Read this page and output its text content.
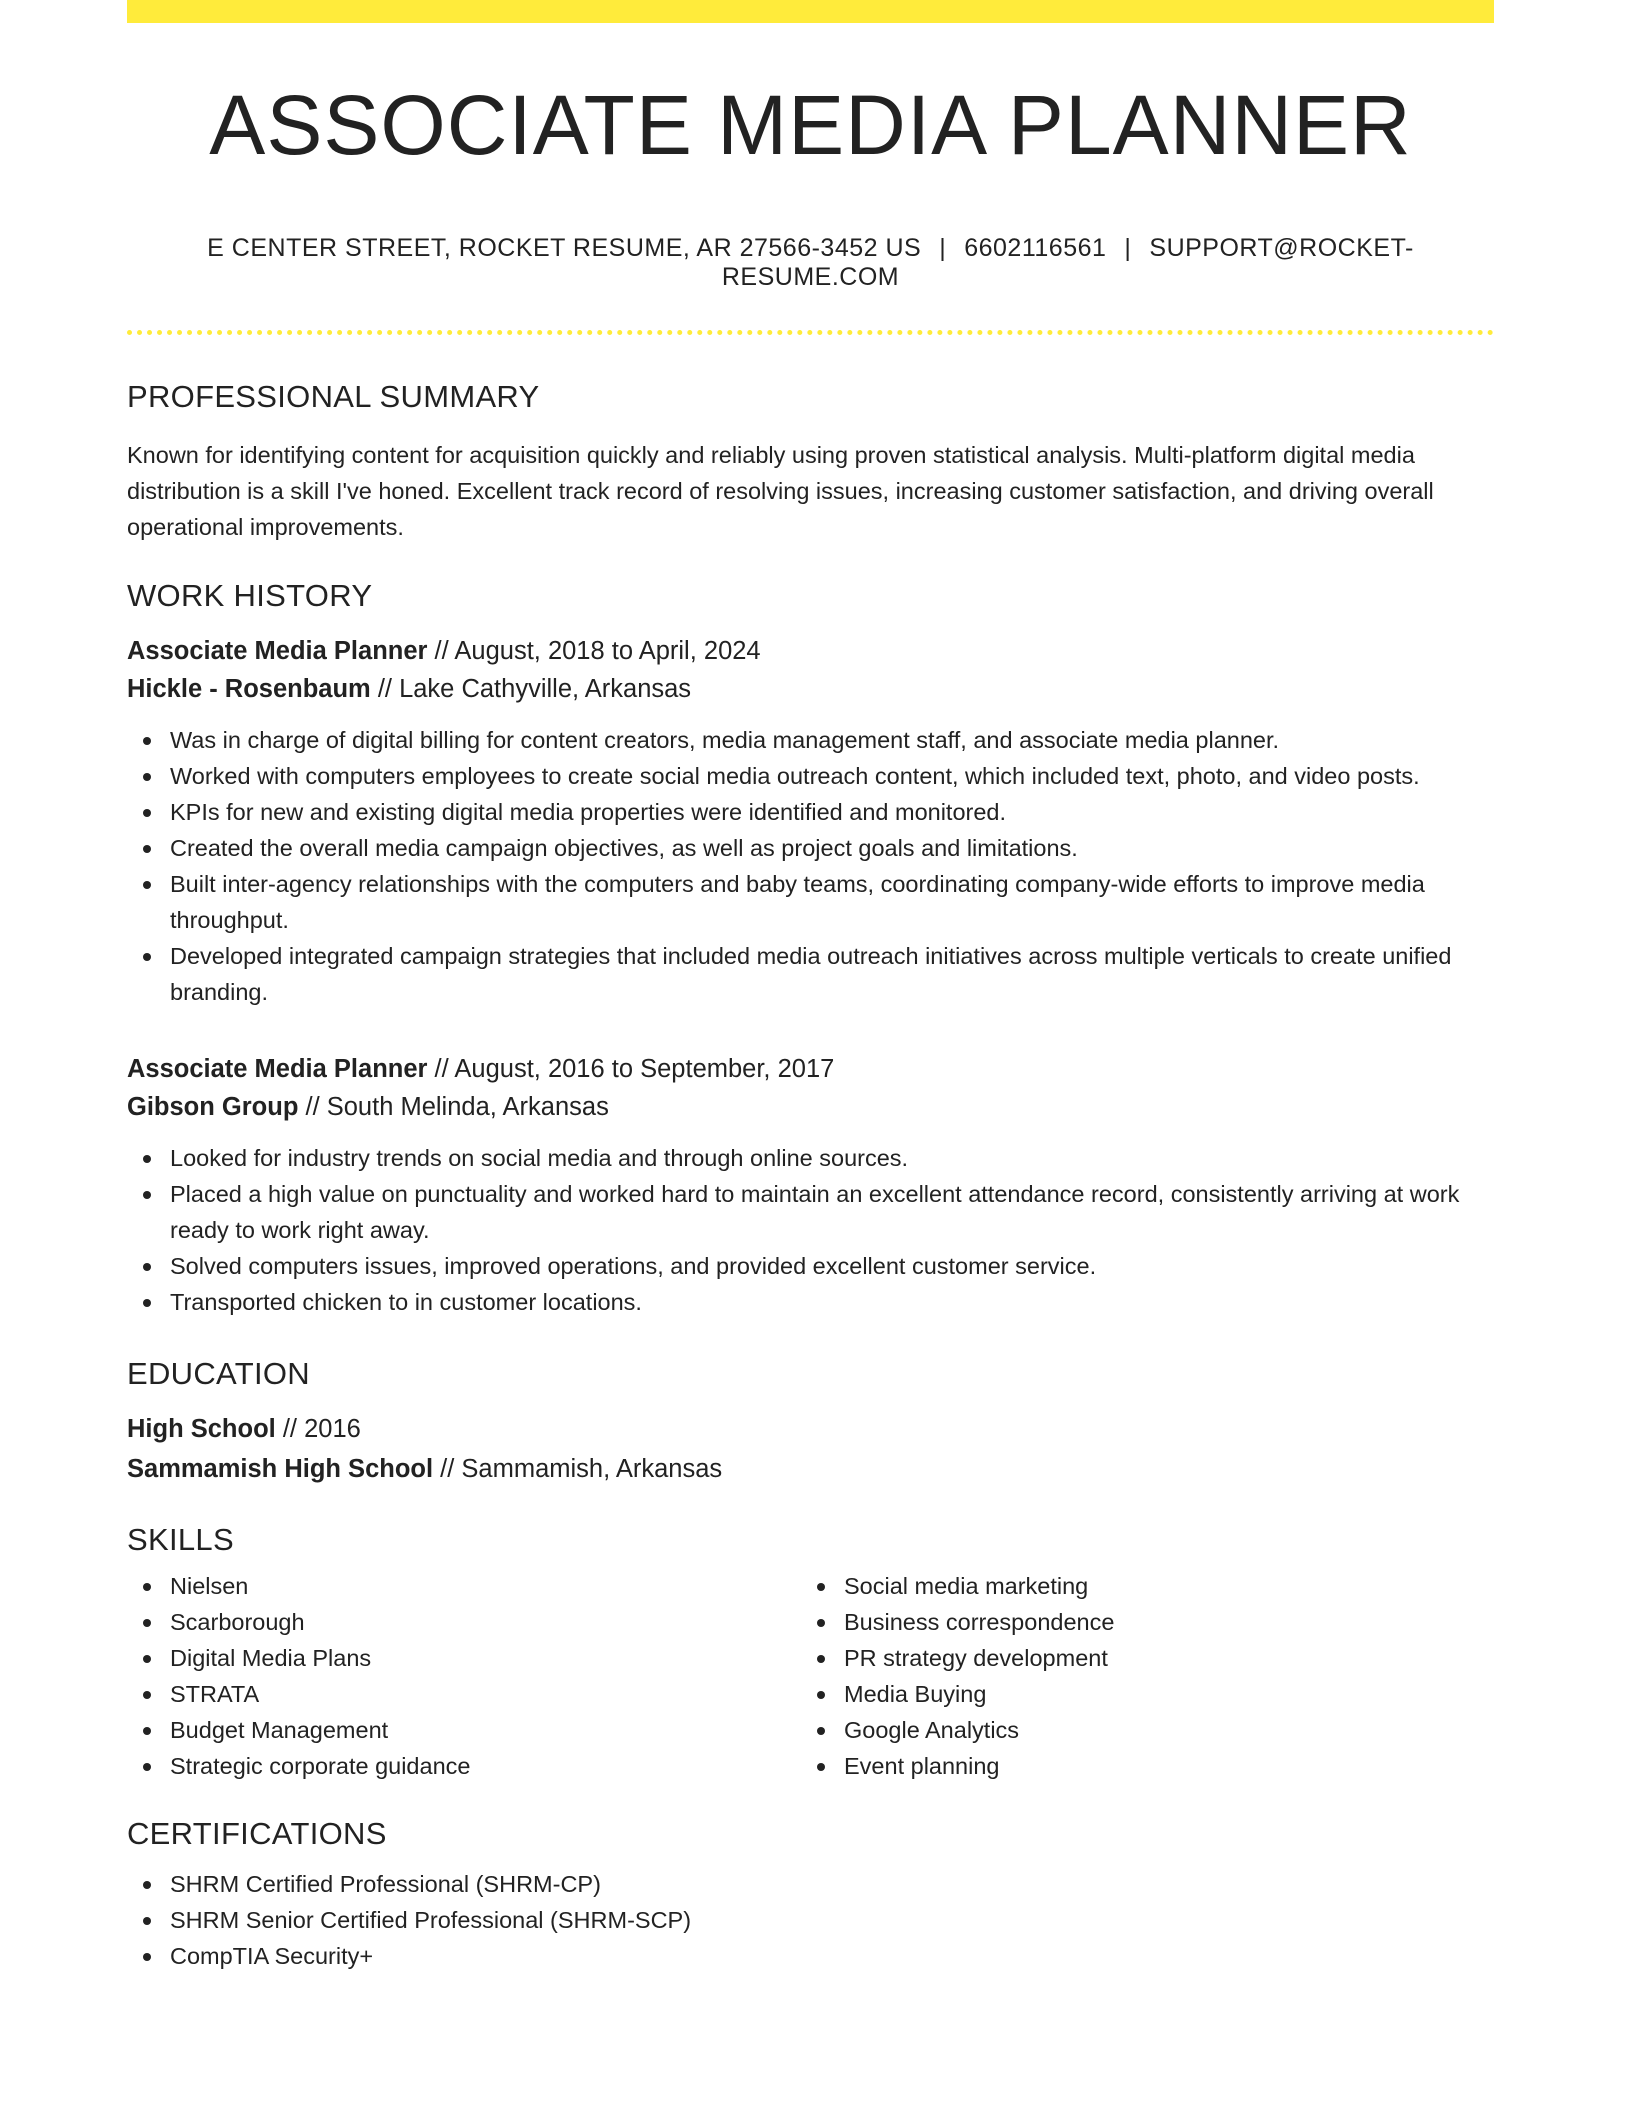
ASSOCIATE MEDIA PLANNER
E CENTER STREET, ROCKET RESUME, AR 27566-3452 US | 6602116561 | SUPPORT@ROCKET-RESUME.COM
PROFESSIONAL SUMMARY
Known for identifying content for acquisition quickly and reliably using proven statistical analysis. Multi-platform digital media distribution is a skill I've honed. Excellent track record of resolving issues, increasing customer satisfaction, and driving overall operational improvements.
WORK HISTORY
Associate Media Planner // August, 2018 to April, 2024
Hickle - Rosenbaum // Lake Cathyville, Arkansas
Was in charge of digital billing for content creators, media management staff, and associate media planner.
Worked with computers employees to create social media outreach content, which included text, photo, and video posts.
KPIs for new and existing digital media properties were identified and monitored.
Created the overall media campaign objectives, as well as project goals and limitations.
Built inter-agency relationships with the computers and baby teams, coordinating company-wide efforts to improve media throughput.
Developed integrated campaign strategies that included media outreach initiatives across multiple verticals to create unified branding.
Associate Media Planner // August, 2016 to September, 2017
Gibson Group // South Melinda, Arkansas
Looked for industry trends on social media and through online sources.
Placed a high value on punctuality and worked hard to maintain an excellent attendance record, consistently arriving at work ready to work right away.
Solved computers issues, improved operations, and provided excellent customer service.
Transported chicken to in customer locations.
EDUCATION
High School // 2016
Sammamish High School // Sammamish, Arkansas
SKILLS
Nielsen
Scarborough
Digital Media Plans
STRATA
Budget Management
Strategic corporate guidance
Social media marketing
Business correspondence
PR strategy development
Media Buying
Google Analytics
Event planning
CERTIFICATIONS
SHRM Certified Professional (SHRM-CP)
SHRM Senior Certified Professional (SHRM-SCP)
CompTIA Security+
